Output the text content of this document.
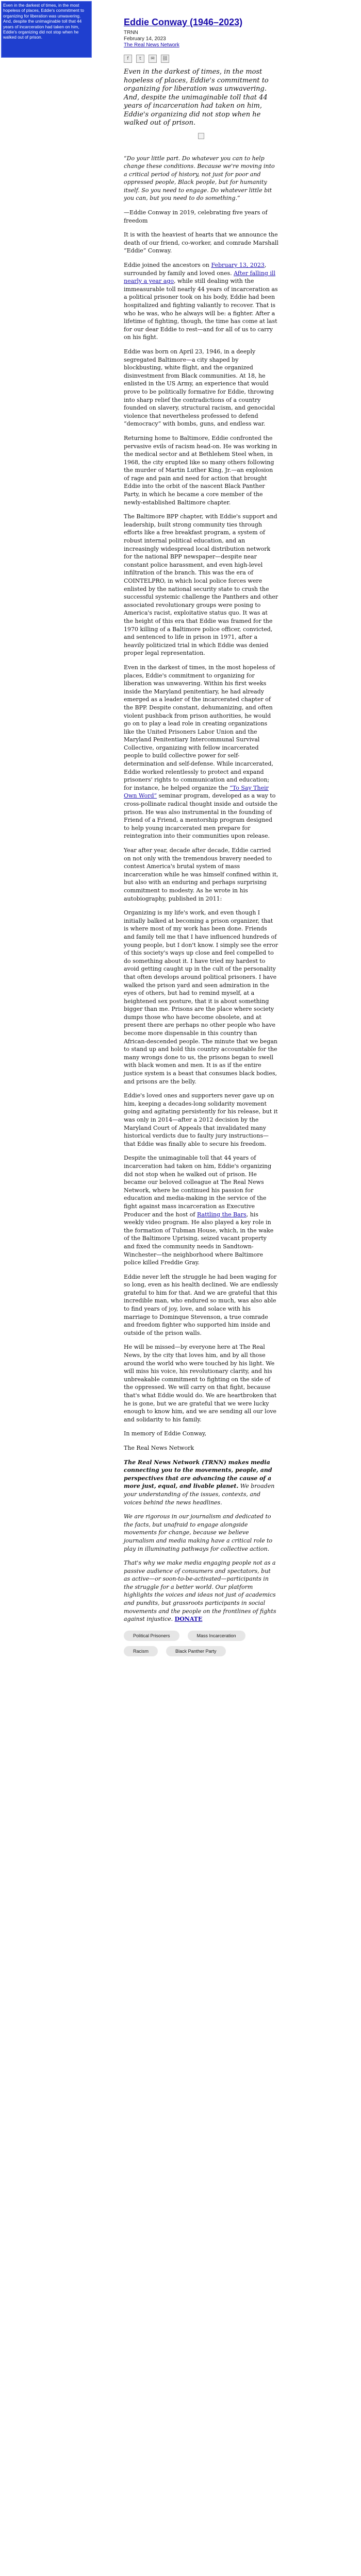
Even in the darkest of times, in the most hopeless of places, Eddie's commitment to organizing for liberation was unwavering. And, despite the unimaginable toll that 44 years of incarceration had taken on him, Eddie's organizing did not stop when he walked out of prison.
Eddie Conway (1946–2023)
TRNN
February 14, 2023
The Real News Network
f	t	✉	⛓

Even in the darkest of times, in the most hopeless of places, Eddie's commitment to organizing for liberation was unwavering. And, despite the unimaginable toll that 44 years of incarceration had taken on him, Eddie's organizing did not stop when he walked out of prison.

“Do your little part. Do whatever you can to help change these conditions. Because we're moving into a critical period of history, not just for poor and oppressed people, Black people, but for humanity itself. So you need to engage. Do whatever little bit you can, but you need to do something.”

—Eddie Conway in 2019, celebrating five years of freedom

It is with the heaviest of hearts that we announce the death of our friend, co-worker, and comrade Marshall “Eddie” Conway.

Eddie joined the ancestors on February 13, 2023, surrounded by family and loved ones. After falling ill nearly a year ago, while still dealing with the immeasurable toll nearly 44 years of incarceration as a political prisoner took on his body, Eddie had been hospitalized and fighting valiantly to recover. That is who he was, who he always will be: a fighter. After a lifetime of fighting, though, the time has come at last for our dear Eddie to rest—and for all of us to carry on his fight.

Eddie was born on April 23, 1946, in a deeply segregated Baltimore—a city shaped by blockbusting, white flight, and the organized disinvestment from Black communities. At 18, he enlisted in the US Army, an experience that would prove to be politically formative for Eddie, throwing into sharp relief the contradictions of a country founded on slavery, structural racism, and genocidal violence that nevertheless professed to defend “democracy” with bombs, guns, and endless war.

Returning home to Baltimore, Eddie confronted the pervasive evils of racism head-on. He was working in the medical sector and at Bethlehem Steel when, in 1968, the city erupted like so many others following the murder of Martin Luther King, Jr.—an explosion of rage and pain and need for action that brought Eddie into the orbit of the nascent Black Panther Party, in which he became a core member of the newly-established Baltimore chapter.

The Baltimore BPP chapter, with Eddie's support and leadership, built strong community ties through efforts like a free breakfast program, a system of robust internal political education, and an increasingly widespread local distribution network for the national BPP newspaper—despite near constant police harassment, and even high-level infiltration of the branch. This was the era of COINTELPRO, in which local police forces were enlisted by the national security state to crush the successful systemic challenge the Panthers and other associated revolutionary groups were posing to America's racist, exploitative status quo. It was at the height of this era that Eddie was framed for the 1970 killing of a Baltimore police officer, convicted, and sentenced to life in prison in 1971, after a heavily politicized trial in which Eddie was denied proper legal representation.

Even in the darkest of times, in the most hopeless of places, Eddie's commitment to organizing for liberation was unwavering. Within his first weeks inside the Maryland penitentiary, he had already emerged as a leader of the incarcerated chapter of the BPP. Despite constant, dehumanizing, and often violent pushback from prison authorities, he would go on to play a lead role in creating organizations like the United Prisoners Labor Union and the Maryland Penitentiary Intercommunal Survival Collective, organizing with fellow incarcerated people to build collective power for self-determination and self-defense. While incarcerated, Eddie worked relentlessly to protect and expand prisoners' rights to communication and education; for instance, he helped organize the “To Say Their Own Word” seminar program, developed as a way to cross-pollinate radical thought inside and outside the prison. He was also instrumental in the founding of Friend of a Friend, a mentorship program designed to help young incarcerated men prepare for reintegration into their communities upon release.

Year after year, decade after decade, Eddie carried on not only with the tremendous bravery needed to contest America's brutal system of mass incarceration while he was himself confined within it, but also with an enduring and perhaps surprising commitment to modesty. As he wrote in his autobiography, published in 2011:

Organizing is my life's work, and even though I initially balked at becoming a prison organizer, that is where most of my work has been done. Friends and family tell me that I have influenced hundreds of young people, but I don't know. I simply see the error of this society's ways up close and feel compelled to do something about it. I have tried my hardest to avoid getting caught up in the cult of the personality that often develops around political prisoners. I have walked the prison yard and seen admiration in the eyes of others, but had to remind myself, at a heightened sex posture, that it is about something bigger than me. Prisons are the place where society dumps those who have become obsolete, and at present there are perhaps no other people who have become more dispensable in this country than African-descended people. The minute that we began to stand up and hold this country accountable for the many wrongs done to us, the prisons began to swell with black women and men. It is as if the entire justice system is a beast that consumes black bodies, and prisons are the belly.

Eddie's loved ones and supporters never gave up on him, keeping a decades-long solidarity movement going and agitating persistently for his release, but it was only in 2014—after a 2012 decision by the Maryland Court of Appeals that invalidated many historical verdicts due to faulty jury instructions—that Eddie was finally able to secure his freedom.

Despite the unimaginable toll that 44 years of incarceration had taken on him, Eddie's organizing did not stop when he walked out of prison. He became our beloved colleague at The Real News Network, where he continued his passion for education and media-making in the service of the fight against mass incarceration as Executive Producer and the host of Rattling the Bars, his weekly video program. He also played a key role in the formation of Tubman House, which, in the wake of the Baltimore Uprising, seized vacant property and fixed the community needs in Sandtown-Winchester—the neighborhood where Baltimore police killed Freddie Gray.

Eddie never left the struggle he had been waging for so long, even as his health declined. We are endlessly grateful to him for that. And we are grateful that this incredible man, who endured so much, was also able to find years of joy, love, and solace with his marriage to Dominque Stevenson, a true comrade and freedom fighter who supported him inside and outside of the prison walls.

He will be missed—by everyone here at The Real News, by the city that loves him, and by all those around the world who were touched by his light. We will miss his voice, his revolutionary clarity, and his unbreakable commitment to fighting on the side of the oppressed. We will carry on that fight, because that's what Eddie would do. We are heartbroken that he is gone, but we are grateful that we were lucky enough to know him, and we are sending all our love and solidarity to his family.

In memory of Eddie Conway,

The Real News Network

The Real News Network (TRNN) makes media connecting you to the movements, people, and perspectives that are advancing the cause of a more just, equal, and livable planet. We broaden your understanding of the issues, contexts, and voices behind the news headlines.

We are rigorous in our journalism and dedicated to the facts, but unafraid to engage alongside movements for change, because we believe journalism and media making have a critical role to play in illuminating pathways for collective action.

That's why we make media engaging people not as a passive audience of consumers and spectators, but as active—or soon-to-be-activated—participants in the struggle for a better world. Our platform highlights the voices and ideas not just of academics and pundits, but grassroots participants in social movements and the people on the frontlines of fights against injustice. DONATE

Political Prisoners	Mass Incarceration
Racism	Black Panther Party
